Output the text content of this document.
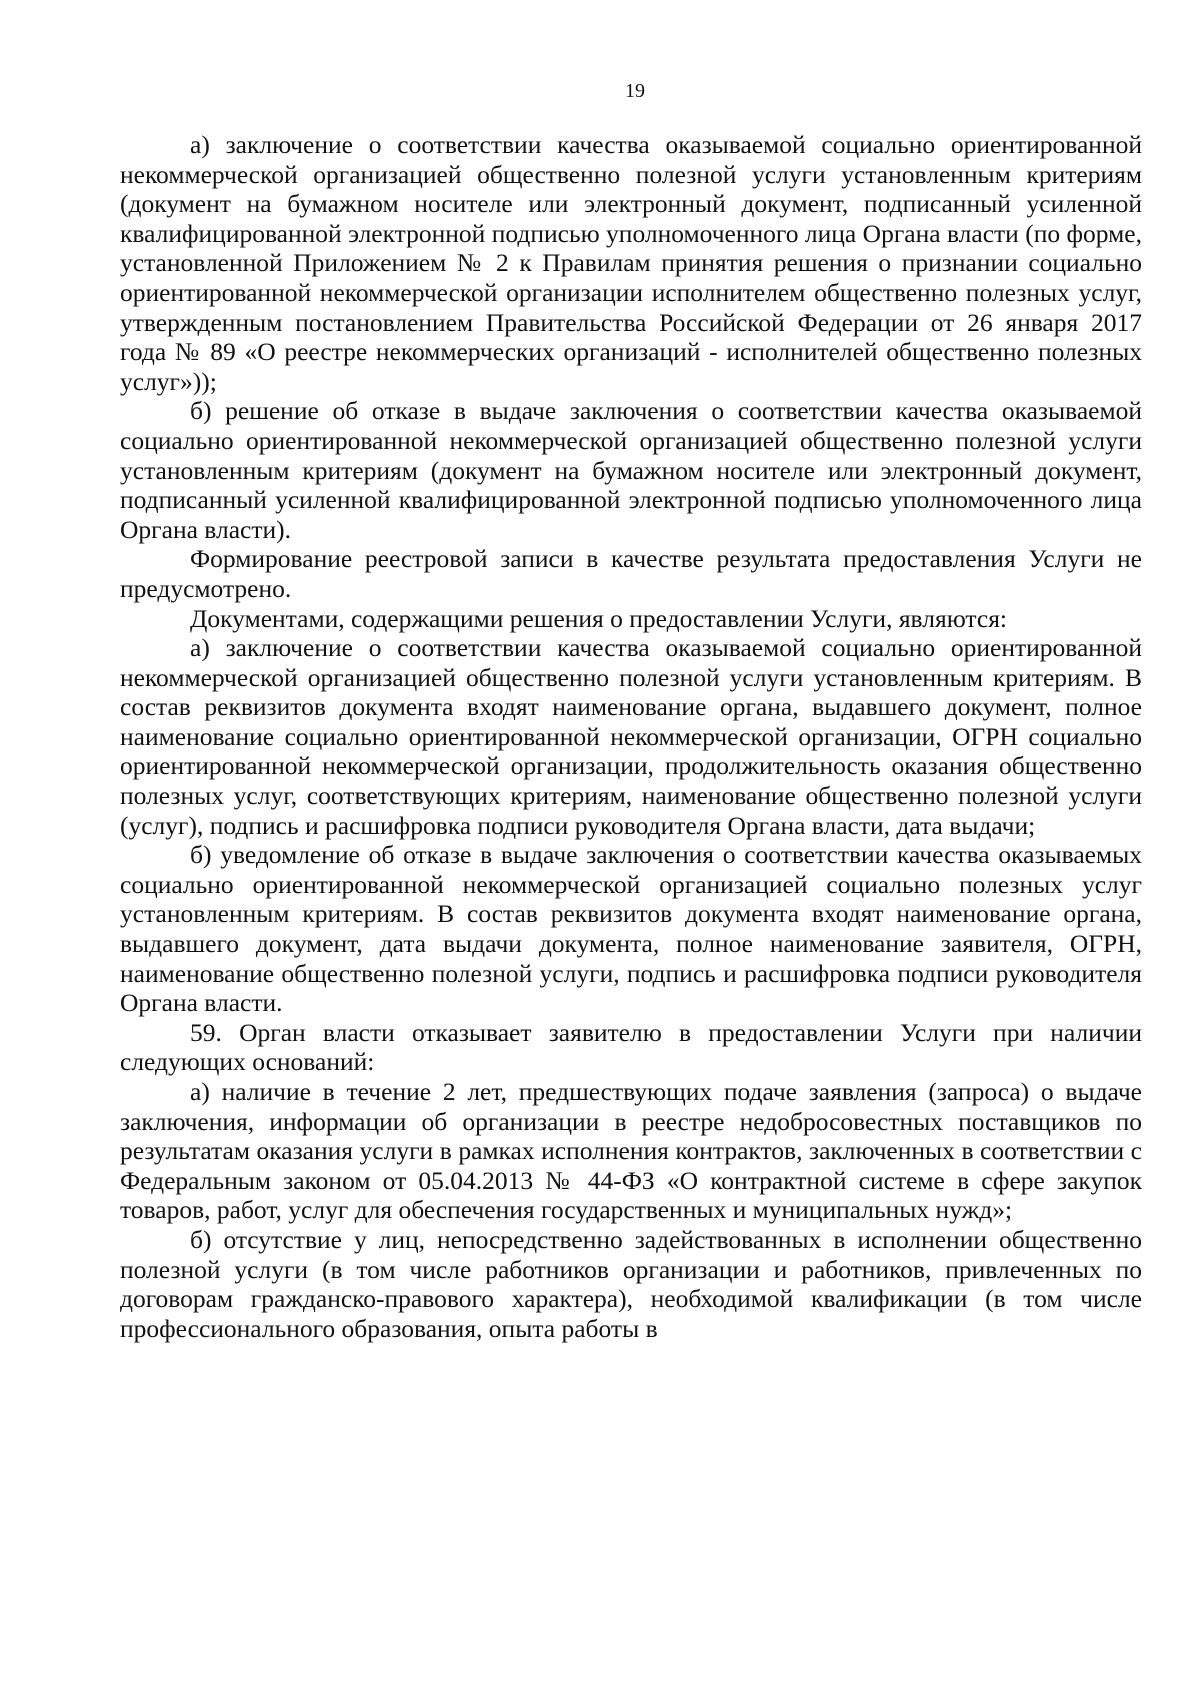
19

а) заключение о соответствии качества оказываемой социально ориентированной некоммерческой организацией общественно полезной услуги установленным критериям (документ на бумажном носителе или электронный документ, подписанный усиленной квалифицированной электронной подписью уполномоченного лица Органа власти (по форме, установленной Приложением № 2 к Правилам принятия решения о признании социально ориентированной некоммерческой организации исполнителем общественно полезных услуг, утвержденным постановлением Правительства Российской Федерации от 26 января 2017 года № 89 «О реестре некоммерческих организаций - исполнителей общественно полезных услуг»));

б) решение об отказе в выдаче заключения о соответствии качества оказываемой социально ориентированной некоммерческой организацией общественно полезной услуги установленным критериям (документ на бумажном носителе или электронный документ, подписанный усиленной квалифицированной электронной подписью уполномоченного лица Органа власти).

Формирование реестровой записи в качестве результата предоставления Услуги не предусмотрено.

Документами, содержащими решения о предоставлении Услуги, являются:

а) заключение о соответствии качества оказываемой социально ориентированной некоммерческой организацией общественно полезной услуги установленным критериям. В состав реквизитов документа входят наименование органа, выдавшего документ, полное наименование социально ориентированной некоммерческой организации, ОГРН социально ориентированной некоммерческой организации, продолжительность оказания общественно полезных услуг, соответствующих критериям, наименование общественно полезной услуги (услуг), подпись и расшифровка подписи руководителя Органа власти, дата выдачи;

б) уведомление об отказе в выдаче заключения о соответствии качества оказываемых социально ориентированной некоммерческой организацией социально полезных услуг установленным критериям. В состав реквизитов документа входят наименование органа, выдавшего документ, дата выдачи документа, полное наименование заявителя, ОГРН, наименование общественно полезной услуги, подпись и расшифровка подписи руководителя Органа власти.

59. Орган власти отказывает заявителю в предоставлении Услуги при наличии следующих оснований:

а) наличие в течение 2 лет, предшествующих подаче заявления (запроса) о выдаче заключения, информации об организации в реестре недобросовестных поставщиков по результатам оказания услуги в рамках исполнения контрактов, заключенных в соответствии с Федеральным законом от 05.04.2013 № 44-ФЗ «О контрактной системе в сфере закупок товаров, работ, услуг для обеспечения государственных и муниципальных нужд»;

б) отсутствие у лиц, непосредственно задействованных в исполнении общественно полезной услуги (в том числе работников организации и работников, привлеченных по договорам гражданско-правового характера), необходимой квалификации (в том числе профессионального образования, опыта работы в
